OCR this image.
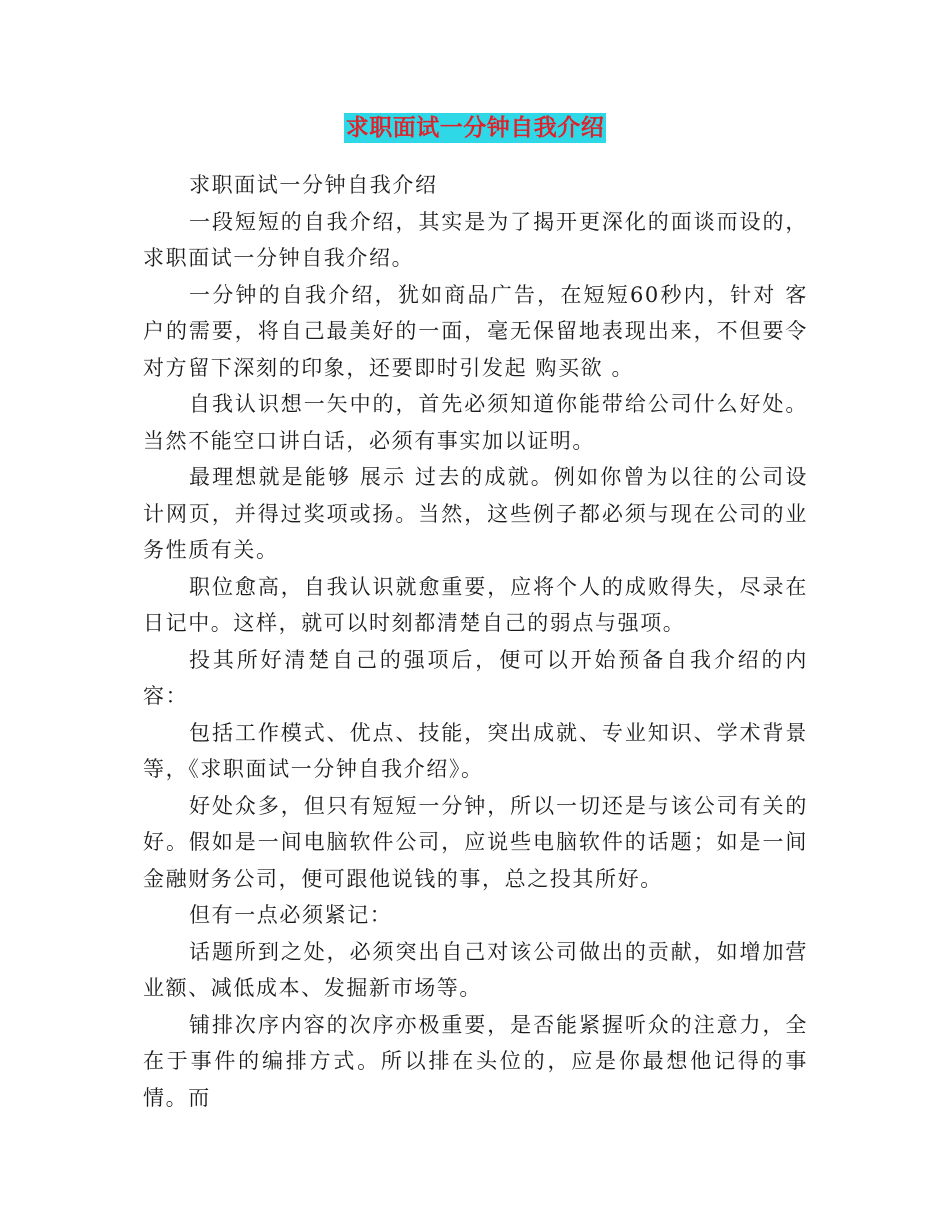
求职面试一分钟自我介绍

求职面试一分钟自我介绍

一段短短的自我介绍，其实是为了揭开更深化的面谈而设的，求职面试一分钟自我介绍。

一分钟的自我介绍，犹如商品广告，在短短60秒内，针对 客户的需要，将自己最美好的一面，毫无保留地表现出来，不但要令对方留下深刻的印象，还要即时引发起 购买欲 。

自我认识想一矢中的，首先必须知道你能带给公司什么好处。当然不能空口讲白话，必须有事实加以证明。

最理想就是能够 展示 过去的成就。例如你曾为以往的公司设计网页，并得过奖项或扬。当然，这些例子都必须与现在公司的业务性质有关。

职位愈高，自我认识就愈重要，应将个人的成败得失，尽录在日记中。这样，就可以时刻都清楚自己的弱点与强项。

投其所好清楚自己的强项后，便可以开始预备自我介绍的内容：

包括工作模式、优点、技能，突出成就、专业知识、学术背景等，《求职面试一分钟自我介绍》。

好处众多，但只有短短一分钟，所以一切还是与该公司有关的好。假如是一间电脑软件公司，应说些电脑软件的话题；如是一间金融财务公司，便可跟他说钱的事，总之投其所好。

但有一点必须紧记：

话题所到之处，必须突出自己对该公司做出的贡献，如增加营业额、减低成本、发掘新市场等。

铺排次序内容的次序亦极重要，是否能紧握听众的注意力，全在于事件的编排方式。所以排在头位的，应是你最想他记得的事情。而
